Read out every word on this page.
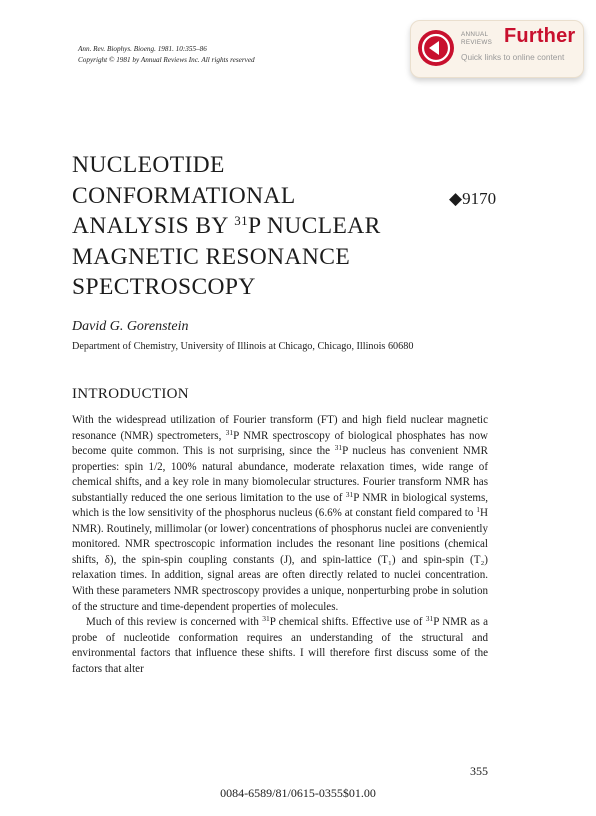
Ann. Rev. Biophys. Bioeng. 1981. 10:355–86
Copyright © 1981 by Annual Reviews Inc. All rights reserved
ANNUAL
REVIEWS Further
Quick links to online content
NUCLEOTIDE
CONFORMATIONAL
ANALYSIS BY $^{31}$P NUCLEAR
MAGNETIC RESONANCE
SPECTROSCOPY
◆9170
David G. Gorenstein
Department of Chemistry, University of Illinois at Chicago, Chicago, Illinois 60680
INTRODUCTION

With the widespread utilization of Fourier transform (FT) and high field nuclear magnetic resonance (NMR) spectrometers, $^{31}$P NMR spectroscopy of biological phosphates has now become quite common. This is not surprising, since the $^{31}$P nucleus has convenient NMR properties: spin 1/2, 100% natural abundance, moderate relaxation times, wide range of chemical shifts, and a key role in many biomolecular structures. Fourier transform NMR has substantially reduced the one serious limitation to the use of $^{31}$P NMR in biological systems, which is the low sensitivity of the phosphorus nucleus (6.6% at constant field compared to $^1$H NMR). Routinely, millimolar (or lower) concentrations of phosphorus nuclei are conveniently monitored. NMR spectroscopic information includes the resonant line positions (chemical shifts, δ), the spin-spin coupling constants (J), and spin-lattice (T₁) and spin-spin (T₂) relaxation times. In addition, signal areas are often directly related to nuclei concentration. With these parameters NMR spectroscopy provides a unique, nonperturbing probe in solution of the structure and time-dependent properties of molecules.

Much of this review is concerned with $^{31}$P chemical shifts. Effective use of $^{31}$P NMR as a probe of nucleotide conformation requires an understanding of the structural and environmental factors that influence these shifts. I will therefore first discuss some of the factors that alter

355
0084-6589/81/0615-0355$01.00
